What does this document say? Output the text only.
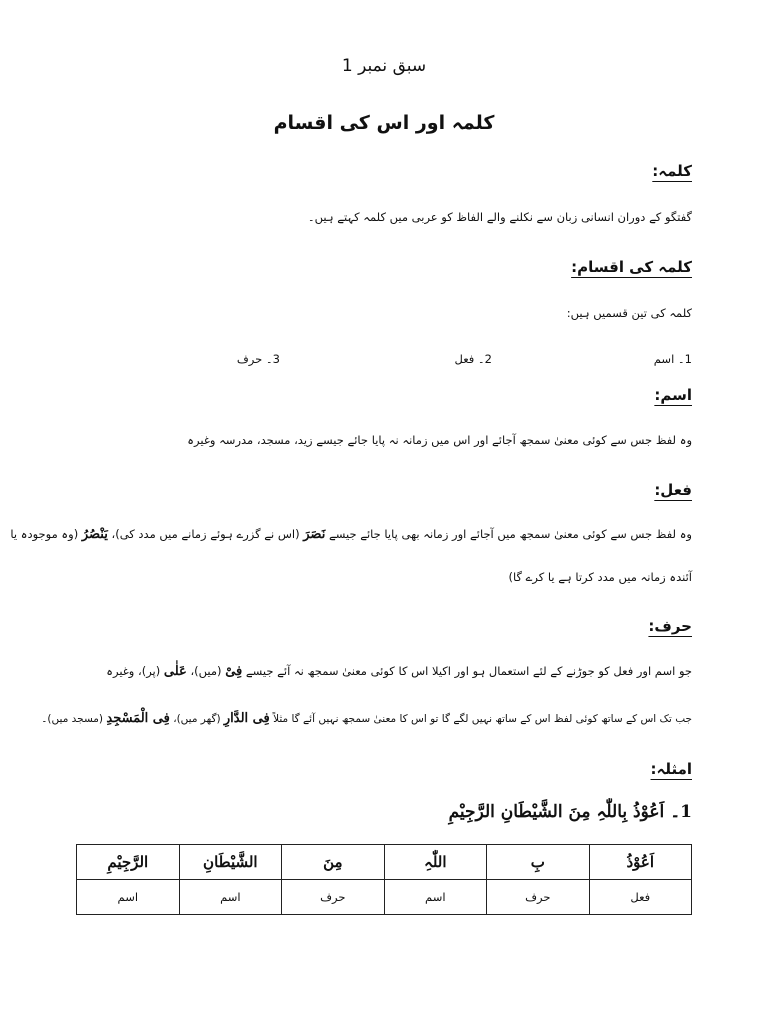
سبق نمبر 1
کلمہ اور اس کی اقسام
کلمہ:
گفتگو کے دوران انسانی زبان سے نکلنے والے الفاظ کو عربی میں کلمہ کہتے ہیں۔
کلمہ کی اقسام:
کلمہ کی تین قسمیں ہیں:
1۔ اسم
2۔ فعل
3۔ حرف
اسم:
وہ لفظ جس سے کوئی معنیٰ سمجھ آجائے اور اس میں زمانہ نہ پایا جائے جیسے زید، مسجد، مدرسہ وغیرہ
فعل:
وہ لفظ جس سے کوئی معنیٰ سمجھ میں آجائے اور زمانہ بھی پایا جائے جیسے نَصَرَ (اس نے گزرے ہوئے زمانے میں مدد کی)، یَنْصُرُ (وہ موجودہ یا
آئندہ زمانہ میں مدد کرتا ہے یا کرے گا)
حرف:
جو اسم اور فعل کو جوڑنے کے لئے استعمال ہو اور اکیلا اس کا کوئی معنیٰ سمجھ نہ آئے جیسے فِیْ (میں)، عَلٰی (پر)، وغیرہ
جب تک اس کے ساتھ کوئی لفظ اس کے ساتھ نہیں لگے گا تو اس کا معنیٰ سمجھ نہیں آئے گا مثلاً فِی الدَّارِ (گھر میں)، فِی الْمَسْجِدِ (مسجد میں)۔
امثلہ:
1۔ اَعُوْذُ بِاللّٰہِ مِنَ الشَّیْطَانِ الرَّجِیْمِ
اَعُوْذُ	بِ	اللّٰہِ	مِنَ	الشَّیْطَانِ	الرَّجِیْمِ
فعل	حرف	اسم	حرف	اسم	اسم
